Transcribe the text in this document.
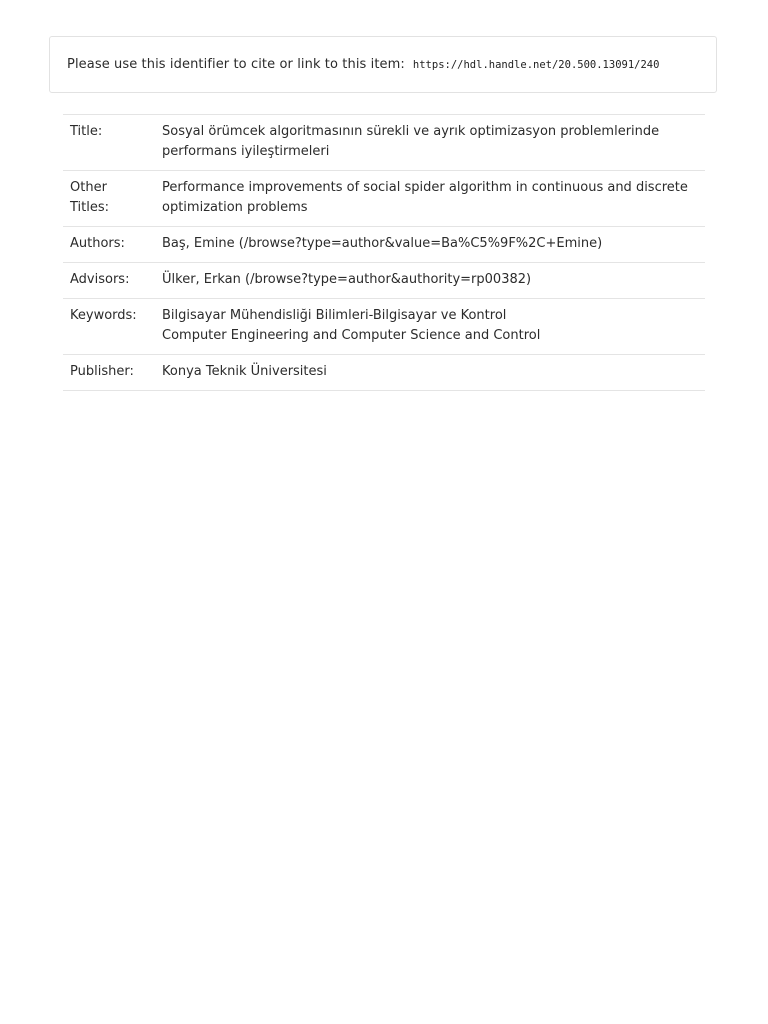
Please use this identifier to cite or link to this item: https://hdl.handle.net/20.500.13091/240
Title:	Sosyal örümcek algoritmasının sürekli ve ayrık optimizasyon problemlerinde performans iyileştirmeleri

Other
Titles:	Performance improvements of social spider algorithm in continuous and discrete optimization problems
Authors:	Baş, Emine (/browse?type=author&value=Ba%C5%9F%2C+Emine)
Advisors:	Ülker, Erkan (/browse?type=author&authority=rp00382)
Keywords:	Bilgisayar Mühendisliği Bilimleri-Bilgisayar ve Kontrol
Computer Engineering and Computer Science and Control

Publisher:	Konya Teknik Üniversitesi
